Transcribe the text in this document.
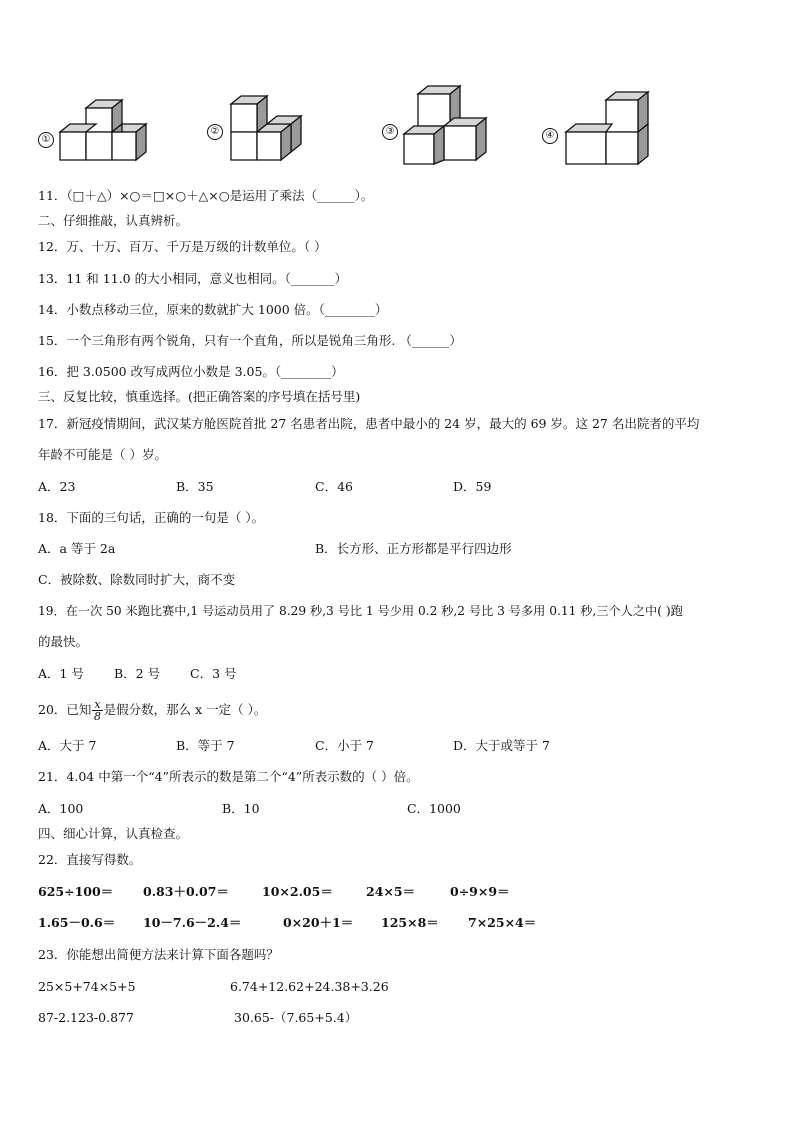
①
②	③	④
11．（□＋△）×○＝□×○＋△×○是运用了乘法（______）。
二、仔细推敲，认真辨析。
12．万、十万、百万、千万是万级的计数单位。（ ）
13．11 和 11.0 的大小相同，意义也相同。（_______）
14．小数点移动三位，原来的数就扩大 1000 倍。（________）
15．一个三角形有两个锐角，只有一个直角，所以是锐角三角形. （______）
16．把 3.0500 改写成两位小数是 3.05。（________）
三、反复比较，慎重选择。(把正确答案的序号填在括号里)
17．新冠疫情期间，武汉某方舱医院首批 27 名患者出院，患者中最小的 24 岁，最大的 69 岁。这 27 名出院者的平均
年龄不可能是（ ）岁。
A．23	B．35	C．46	D．59
18．下面的三句话，正确的一句是（ ）。
A．a 等于 2a	B．长方形、正方形都是平行四边形
C．被除数、除数同时扩大，商不变
19．在一次 50 米跑比赛中,1 号运动员用了 8.29 秒,3 号比 1 号少用 0.2 秒,2 号比 3 号多用 0.11 秒,三个人之中( )跑
的最快。
A．1 号 B．2 号 C．3 号
20．已知 $\frac{x}{8}$ 是假分数，那么 x 一定（ ）。
A．大于 7	B．等于 7	C．小于 7	D．大于或等于 7
21．4.04 中第一个“4”所表示的数是第二个“4”所表示数的（ ）倍。
A．100	B．10	C．1000
四、细心计算，认真检查。
22．直接写得数。
625÷100＝ 0.83＋0.07＝	10×2.05＝	24×5＝	0÷9×9＝
1.65－0.6＝ 10－7.6－2.4＝	0×20＋1＝ 125×8＝ 7×25×4＝
23．你能想出简便方法来计算下面各题吗？
25×5+74×5+5	6.74+12.62+24.38+3.26
87-2.123-0.877	30.65-（7.65+5.4）
